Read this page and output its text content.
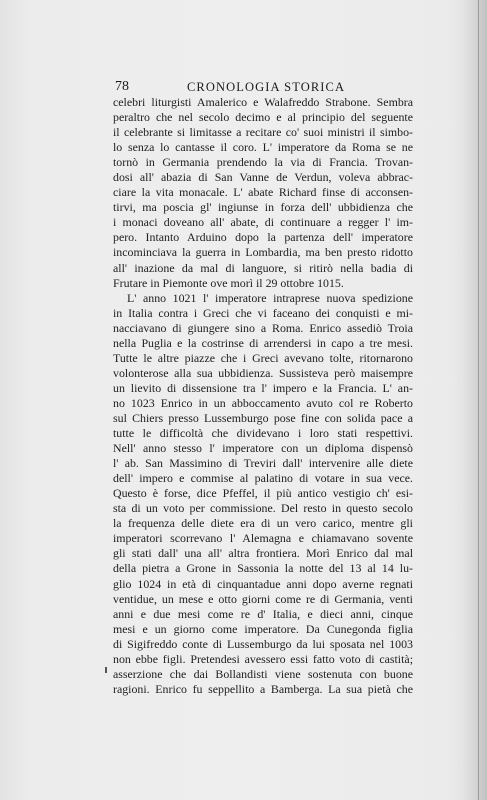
78	CRONOLOGIA STORICA
celebri liturgisti Amalerico e Walafreddo Strabone. Sembra
peraltro che nel secolo decimo e al principio del seguente
il celebrante si limitasse a recitare co' suoi ministri il simbo-
lo senza lo cantasse il coro. L' imperatore da Roma se ne
tornò in Germania prendendo la via di Francia. Trovan-
dosi all' abazia di San Vanne de Verdun, voleva abbrac-
ciare la vita monacale. L' abate Richard finse di acconsen-
tirvi, ma poscia gl' ingiunse in forza dell' ubbidienza che
i monaci doveano all' abate, di continuare a regger l' im-
pero. Intanto Arduino dopo la partenza dell' imperatore
incominciava la guerra in Lombardia, ma ben presto ridotto
all' inazione da mal di languore, si ritirò nella badia di
Frutare in Piemonte ove morì il 29 ottobre 1015.
L' anno 1021 l' imperatore intraprese nuova spedizione
in Italia contra i Greci che vi faceano dei conquisti e mi-
nacciavano di giungere sino a Roma. Enrico assediò Troia
nella Puglia e la costrinse di arrendersi in capo a tre mesi.
Tutte le altre piazze che i Greci avevano tolte, ritornarono
volonterose alla sua ubbidienza. Sussisteva però maisempre
un lievito di dissensione tra l' impero e la Francia. L' an-
no 1023 Enrico in un abboccamento avuto col re Roberto
sul Chiers presso Lussemburgo pose fine con solida pace a
tutte le difficoltà che dividevano i loro stati respettivi.
Nell' anno stesso l' imperatore con un diploma dispensò
l' ab. San Massimino di Treviri dall' intervenire alle diete
dell' impero e commise al palatino di votare in sua vece.
Questo è forse, dice Pfeffel, il più antico vestigio ch' esi-
sta di un voto per commissione. Del resto in questo secolo
la frequenza delle diete era di un vero carico, mentre gli
imperatori scorrevano l' Alemagna e chiamavano sovente
gli stati dall' una all' altra frontiera. Morì Enrico dal mal
della pietra a Grone in Sassonia la notte del 13 al 14 lu-
glio 1024 in età di cinquantadue anni dopo averne regnati
ventidue, un mese e otto giorni come re di Germania, venti
anni e due mesi come re d' Italia, e dieci anni, cinque
mesi e un giorno come imperatore. Da Cunegonda figlia
di Sigifreddo conte di Lussemburgo da lui sposata nel 1003
non ebbe figli. Pretendesi avessero essi fatto voto di castità;
asserzione che dai Bollandisti viene sostenuta con buone
ragioni. Enrico fu seppellito a Bamberga. La sua pietà che
